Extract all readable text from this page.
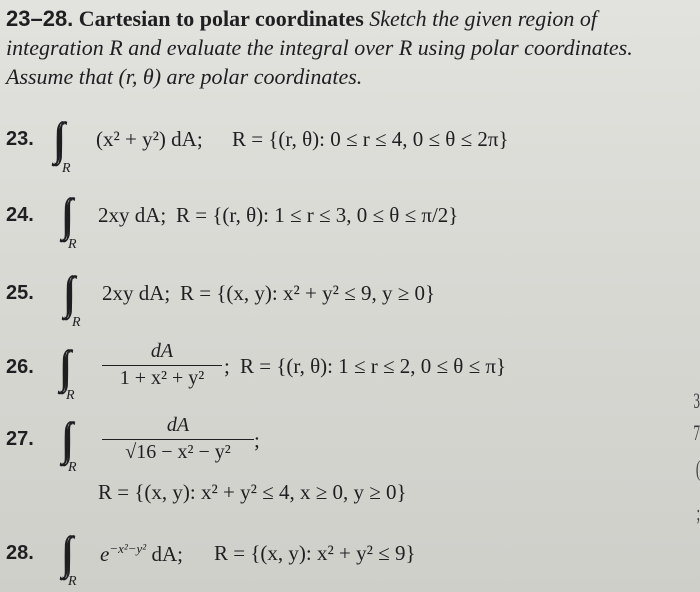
23–28. Cartesian to polar coordinates Sketch the given region of integration R and evaluate the integral over R using polar coordinates. Assume that (r, θ) are polar coordinates.
23.
R
(x² + y²) dA; R = {(r, θ): 0 ≤ r ≤ 4, 0 ≤ θ ≤ 2π}
24.
R
2xy dA; R = {(r, θ): 1 ≤ r ≤ 3, 0 ≤ θ ≤ π/2}
25.
R
2xy dA; R = {(x, y): x² + y² ≤ 9, y ≥ 0}
26.
R
dA
1 + x² + y² ; R = {(r, θ): 1 ≤ r ≤ 2, 0 ≤ θ ≤ π}
27.
R
dA
√16 − x² − y²	;
R = {(x, y): x² + y² ≤ 4, x ≥ 0, y ≥ 0}
28.
R
$e^{-x^2-y^2}$ dA; R = {(x, y): x² + y² ≤ 9}
3
7
(
;
